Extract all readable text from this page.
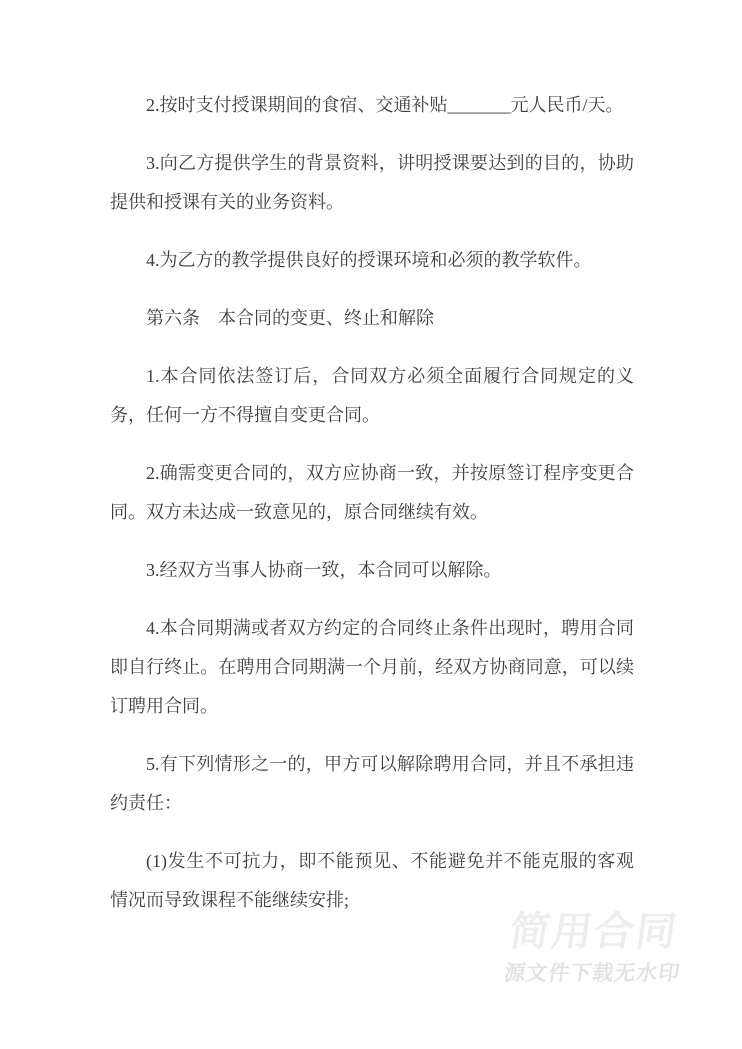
2.按时支付授课期间的食宿、交通补贴_______元人民币/天。

3.向乙方提供学生的背景资料，讲明授课要达到的目的，协助提供和授课有关的业务资料。

4.为乙方的教学提供良好的授课环境和必须的教学软件。

第六条　本合同的变更、终止和解除

1.本合同依法签订后，合同双方必须全面履行合同规定的义务，任何一方不得擅自变更合同。

2.确需变更合同的，双方应协商一致，并按原签订程序变更合同。双方未达成一致意见的，原合同继续有效。

3.经双方当事人协商一致，本合同可以解除。

4.本合同期满或者双方约定的合同终止条件出现时，聘用合同即自行终止。在聘用合同期满一个月前，经双方协商同意，可以续订聘用合同。

5.有下列情形之一的，甲方可以解除聘用合同，并且不承担违约责任：

(1)发生不可抗力，即不能预见、不能避免并不能克服的客观情况而导致课程不能继续安排;

简用合同
源文件下载无水印
